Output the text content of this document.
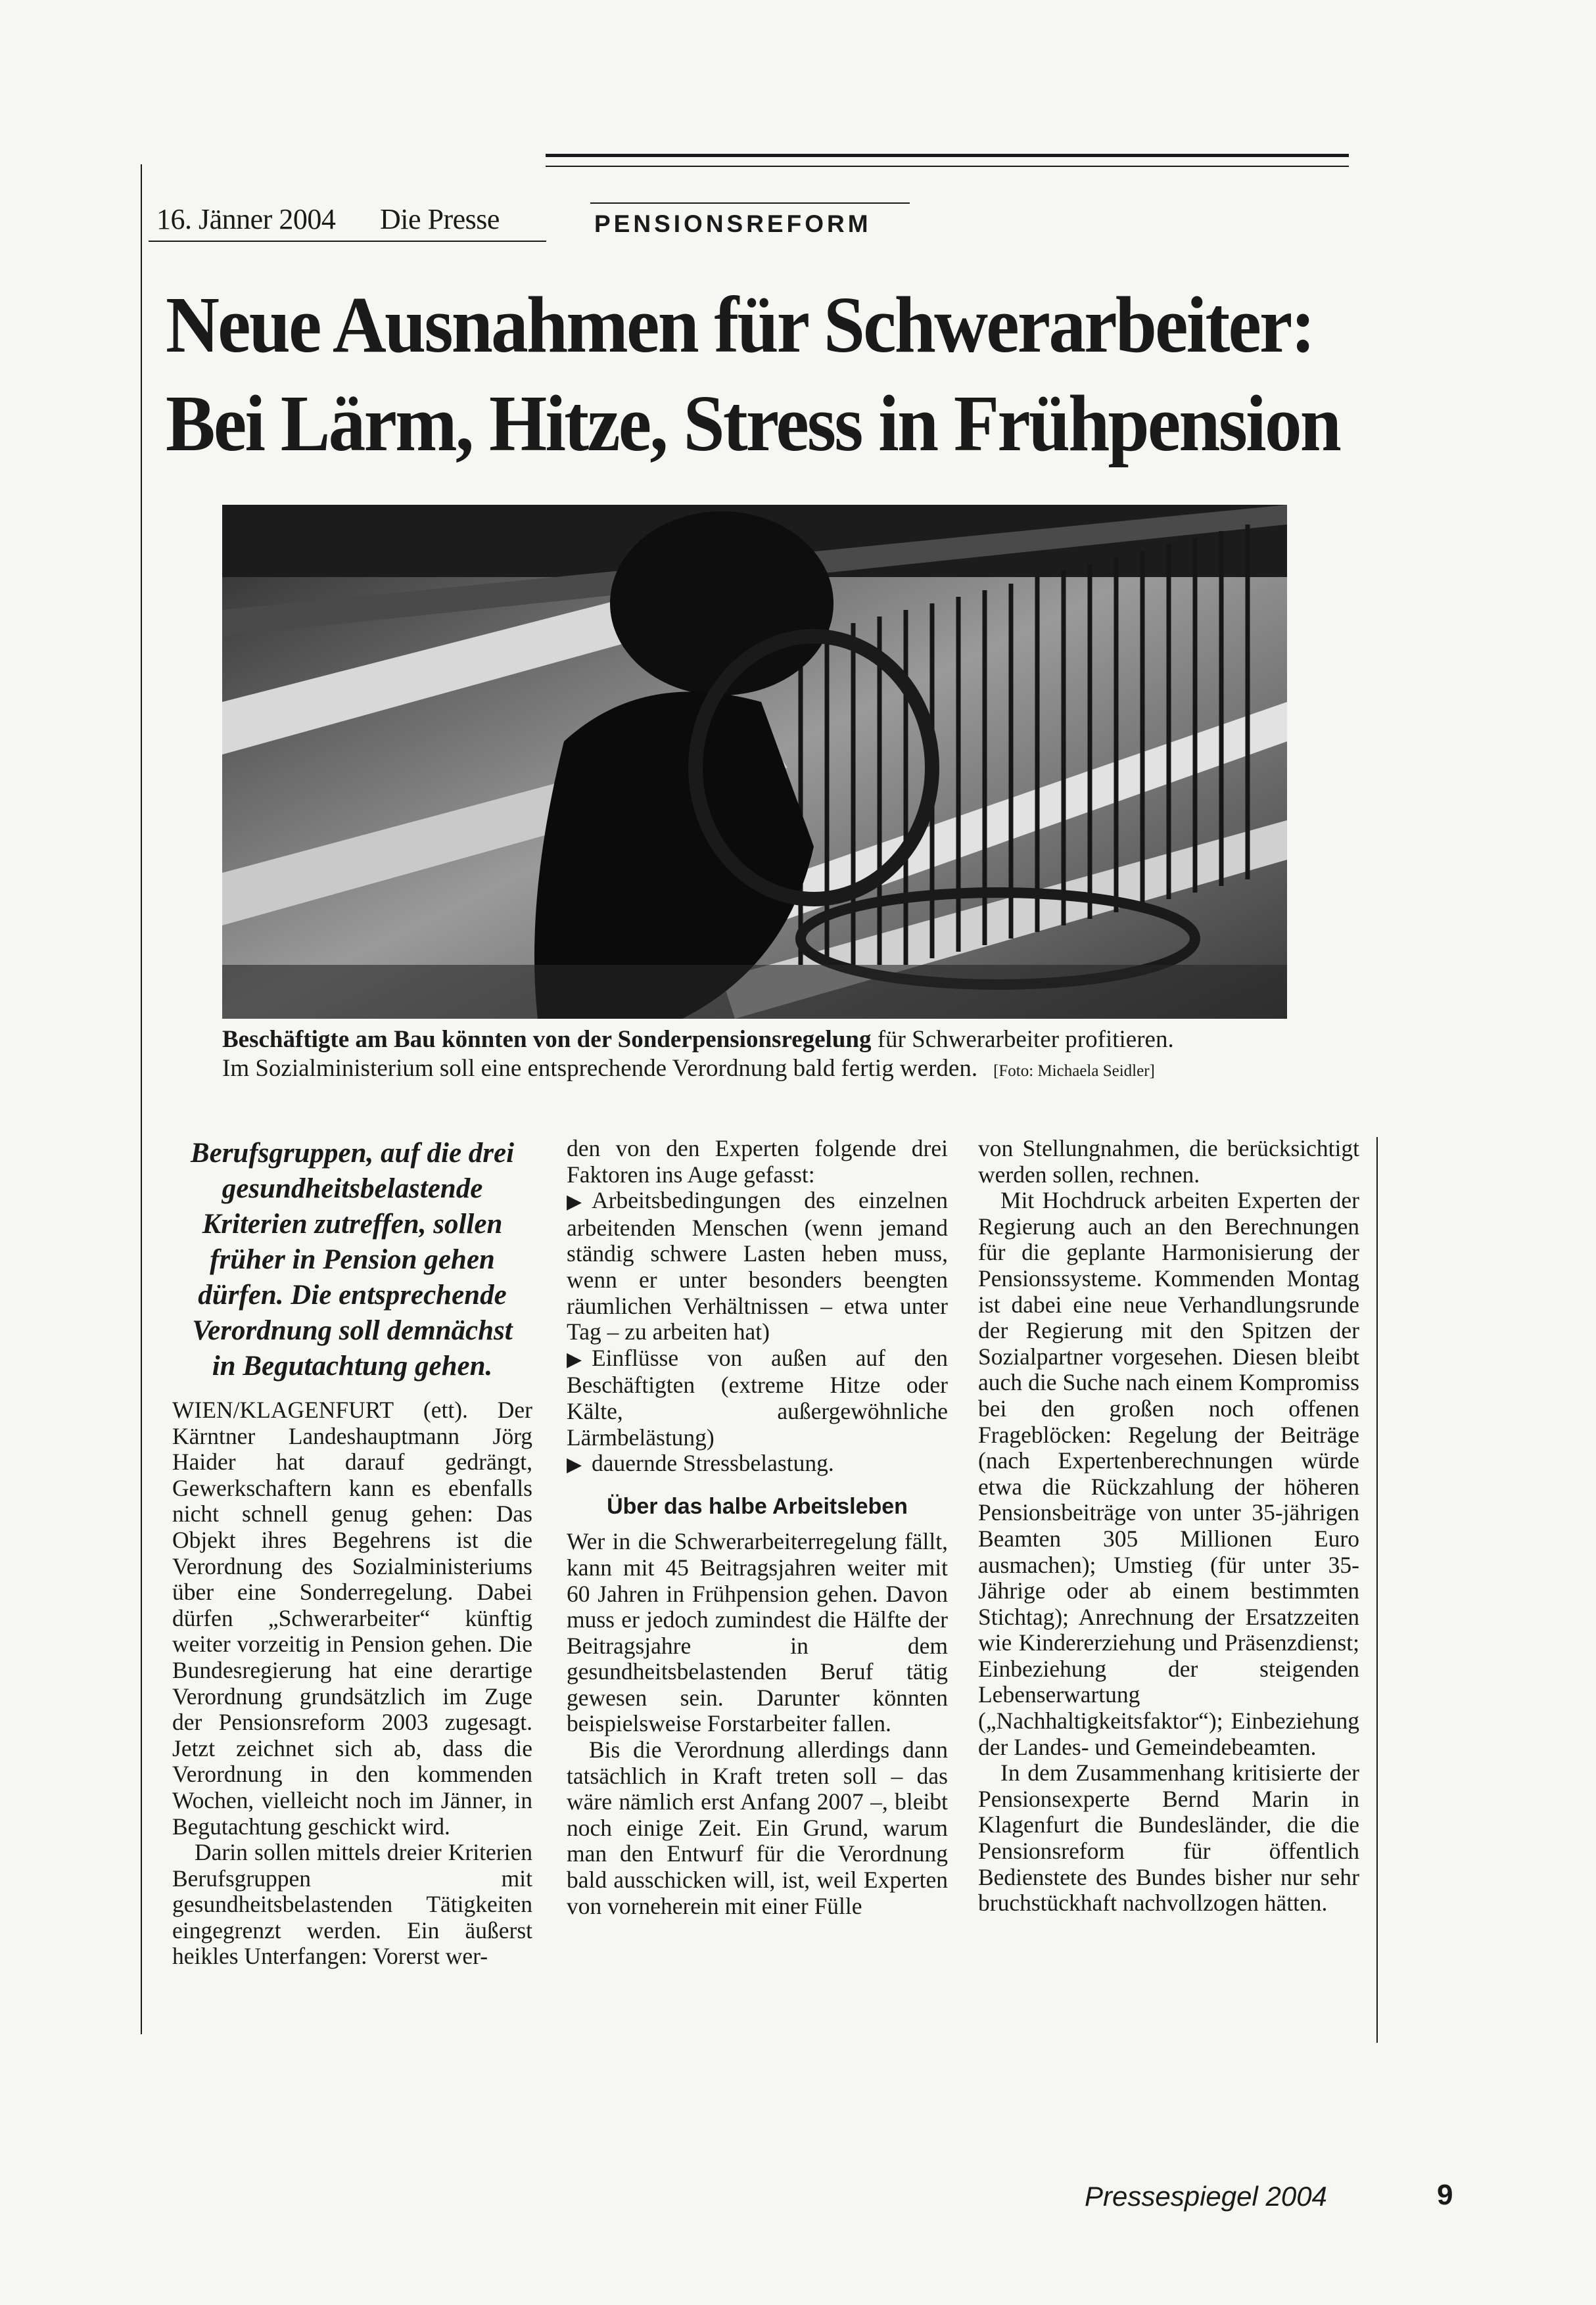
16. Jänner 2004 Die Presse	PENSIONSREFORM
Neue Ausnahmen für Schwerarbeiter:
Bei Lärm, Hitze, Stress in Frühpension
Beschäftigte am Bau könnten von der Sonderpensionsregelung für Schwerarbeiter profitieren.
Im Sozialministerium soll eine entsprechende Verordnung bald fertig werden. [Foto: Michaela Seidler]

Berufsgruppen, auf die drei gesundheitsbelastende Kriterien zutreffen, sollen früher in Pension gehen dürfen. Die entsprechende Verordnung soll demnächst in Begutachtung gehen.

WIEN/KLAGENFURT (ett). Der Kärntner Landeshauptmann Jörg Haider hat darauf gedrängt, Gewerkschaftern kann es ebenfalls nicht schnell genug gehen: Das Objekt ihres Begehrens ist die Verordnung des Sozialministeriums über eine Sonderregelung. Dabei dürfen „Schwerarbeiter“ künftig weiter vorzeitig in Pension gehen. Die Bundesregierung hat eine derartige Verordnung grundsätzlich im Zuge der Pensionsreform 2003 zugesagt. Jetzt zeichnet sich ab, dass die Verordnung in den kommenden Wochen, vielleicht noch im Jänner, in Begutachtung geschickt wird.

Darin sollen mittels dreier Kriterien Berufsgruppen mit gesundheitsbelastenden Tätigkeiten eingegrenzt werden. Ein äußerst heikles Unterfangen: Vorerst wer-

den von den Experten folgende drei Faktoren ins Auge gefasst:

▶ Arbeitsbedingungen des einzelnen arbeitenden Menschen (wenn jemand ständig schwere Lasten heben muss, wenn er unter besonders beengten räumlichen Verhältnissen – etwa unter Tag – zu arbeiten hat)

▶ Einflüsse von außen auf den Beschäftigten (extreme Hitze oder Kälte, außergewöhnliche Lärmbelästung)

▶ dauernde Stressbelastung.

Über das halbe Arbeitsleben

Wer in die Schwerarbeiterregelung fällt, kann mit 45 Beitragsjahren weiter mit 60 Jahren in Frühpension gehen. Davon muss er jedoch zumindest die Hälfte der Beitragsjahre in dem gesundheitsbelastenden Beruf tätig gewesen sein. Darunter könnten beispielsweise Forstarbeiter fallen.

Bis die Verordnung allerdings dann tatsächlich in Kraft treten soll – das wäre nämlich erst Anfang 2007 –, bleibt noch einige Zeit. Ein Grund, warum man den Entwurf für die Verordnung bald ausschicken will, ist, weil Experten von vorneherein mit einer Fülle

von Stellungnahmen, die berücksichtigt werden sollen, rechnen.

Mit Hochdruck arbeiten Experten der Regierung auch an den Berechnungen für die geplante Harmonisierung der Pensionssysteme. Kommenden Montag ist dabei eine neue Verhandlungsrunde der Regierung mit den Spitzen der Sozialpartner vorgesehen. Diesen bleibt auch die Suche nach einem Kompromiss bei den großen noch offenen Frageblöcken: Regelung der Beiträge (nach Expertenberechnungen würde etwa die Rückzahlung der höheren Pensionsbeiträge von unter 35-jährigen Beamten 305 Millionen Euro ausmachen); Umstieg (für unter 35-Jährige oder ab einem bestimmten Stichtag); Anrechnung der Ersatzzeiten wie Kindererziehung und Präsenzdienst; Einbeziehung der steigenden Lebenserwartung („Nachhaltigkeitsfaktor“); Einbeziehung der Landes- und Gemeindebeamten.

In dem Zusammenhang kritisierte der Pensionsexperte Bernd Marin in Klagenfurt die Bundesländer, die die Pensionsreform für öffentlich Bedienstete des Bundes bisher nur sehr bruchstückhaft nachvollzogen hätten.

Pressespiegel 2004	9
